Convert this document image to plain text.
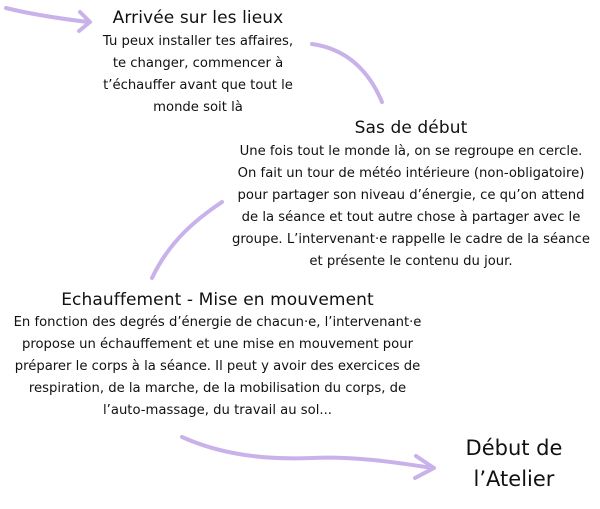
Arrivée sur les lieux
Tu peux installer tes affaires,
te changer, commencer à
t’échauffer avant que tout le
monde soit là
Sas de début
Une fois tout le monde là, on se regroupe en cercle.
On fait un tour de météo intérieure (non-obligatoire)
pour partager son niveau d’énergie, ce qu’on attend
de la séance et tout autre chose à partager avec le
groupe. L’intervenant·e rappelle le cadre de la séance
et présente le contenu du jour.
Echauffement - Mise en mouvement
En fonction des degrés d’énergie de chacun·e, l’intervenant·e
propose un échauffement et une mise en mouvement pour
préparer le corps à la séance. Il peut y avoir des exercices de
respiration, de la marche, de la mobilisation du corps, de
l’auto-massage, du travail au sol...
Début de
l’Atelier
